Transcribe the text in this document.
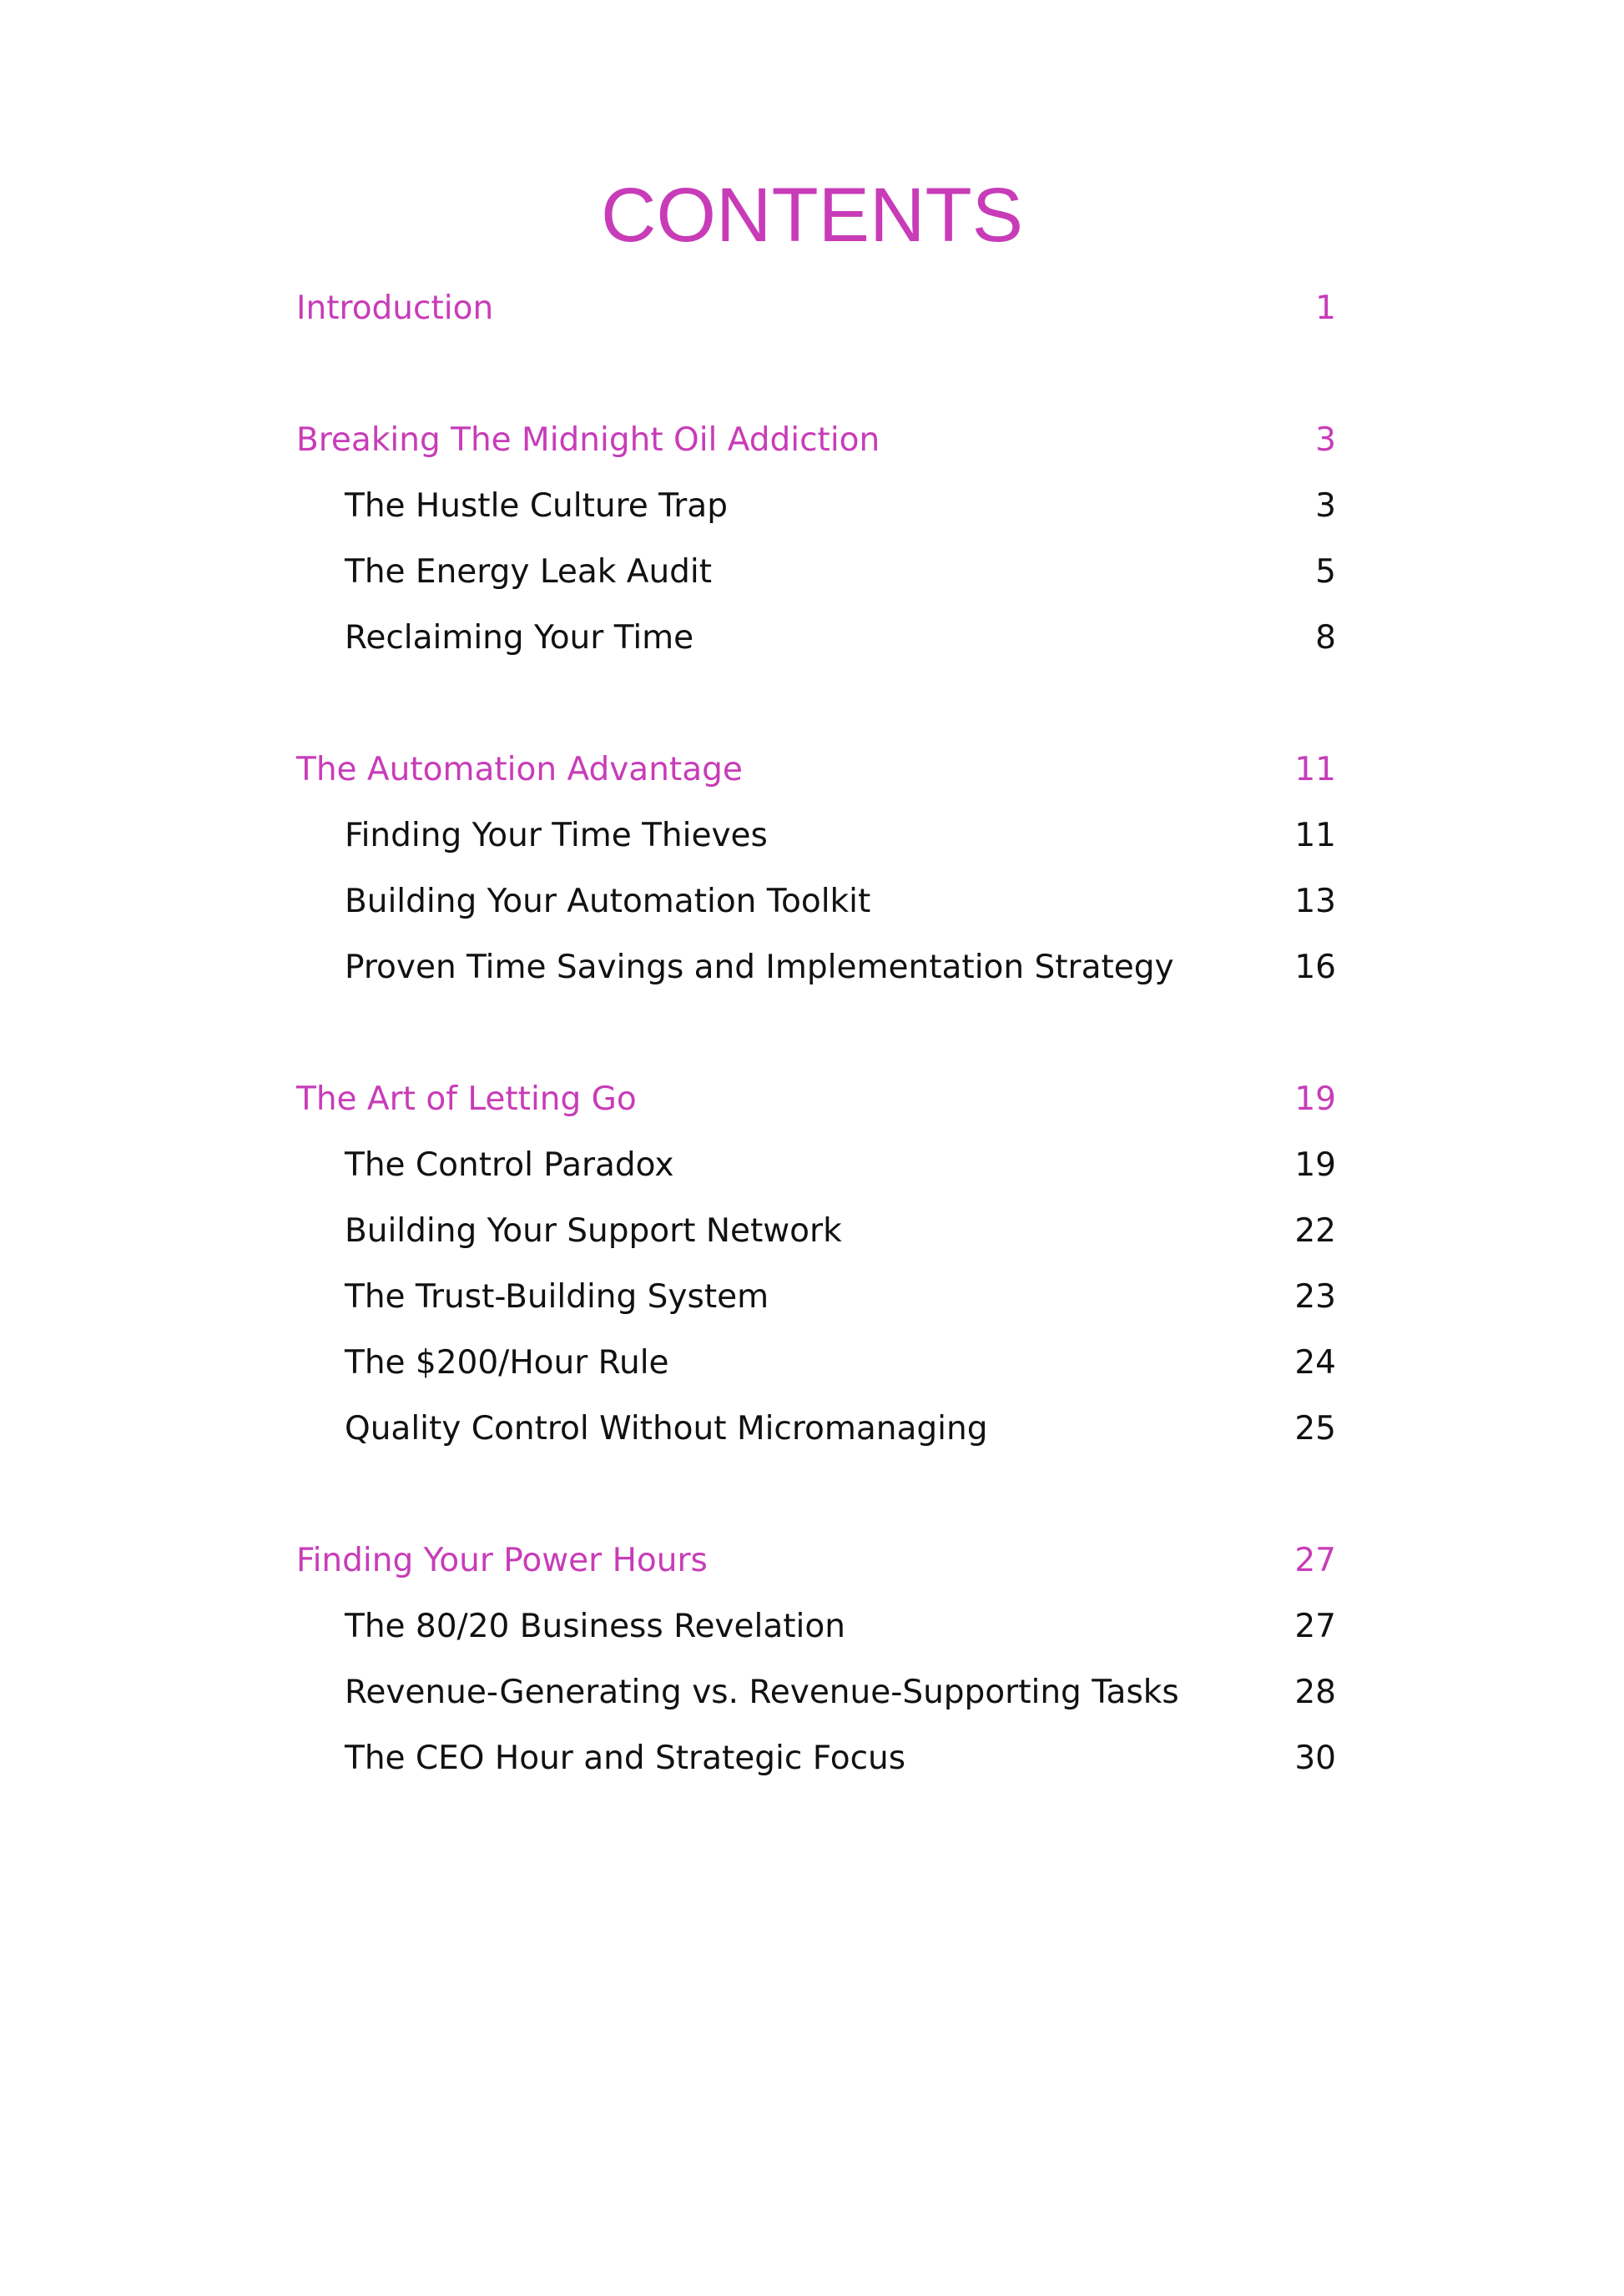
CONTENTS
Introduction	1
Breaking The Midnight Oil Addiction	3
The Hustle Culture Trap	3
The Energy Leak Audit	5
Reclaiming Your Time	8
The Automation Advantage	11
Finding Your Time Thieves	11
Building Your Automation Toolkit	13
Proven Time Savings and Implementation Strategy	16
The Art of Letting Go	19
The Control Paradox	19
Building Your Support Network	22
The Trust-Building System	23
The $200/Hour Rule	24
Quality Control Without Micromanaging	25
Finding Your Power Hours	27
The 80/20 Business Revelation	27
Revenue-Generating vs. Revenue-Supporting Tasks	28
The CEO Hour and Strategic Focus	30
